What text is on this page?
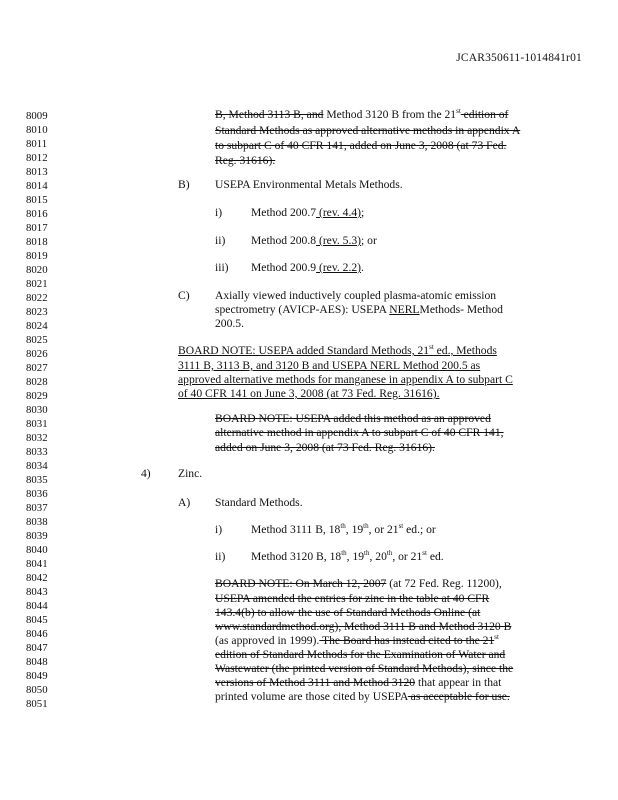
JCAR350611-1014841r01
8009
8010
8011
8012
8013
8014
8015
8016
8017
8018
8019
8020
8021
8022
8023
8024
8025
8026
8027
8028
8029
8030
8031
8032
8033
8034
8035
8036
8037
8038
8039
8040
8041
8042
8043
8044
8045
8046
8047
8048
8049
8050
8051
B, Method 3113 B, and Method 3120 B from the 21st edition of
Standard Methods as approved alternative methods in appendix A
to subpart C of 40 CFR 141, added on June 3, 2008 (at 73 Fed.
Reg. 31616).
B) USEPA Environmental Metals Methods.
i) Method 200.7 (rev. 4.4);
ii) Method 200.8 (rev. 5.3); or
iii) Method 200.9 (rev. 2.2).
C) Axially viewed inductively coupled plasma-atomic emission
spectrometry (AVICP-AES): USEPA NERLMethods- Method
200.5.
BOARD NOTE: USEPA added Standard Methods, 21st ed., Methods
3111 B, 3113 B, and 3120 B and USEPA NERL Method 200.5 as
approved alternative methods for manganese in appendix A to subpart C
of 40 CFR 141 on June 3, 2008 (at 73 Fed. Reg. 31616).
BOARD NOTE: USEPA added this method as an approved
alternative method in appendix A to subpart C of 40 CFR 141,
added on June 3, 2008 (at 73 Fed. Reg. 31616).
4) Zinc.
A) Standard Methods.
i) Method 3111 B, 18th, 19th, or 21st ed.; or
ii) Method 3120 B, 18th, 19th, 20th, or 21st ed.
BOARD NOTE: On March 12, 2007 (at 72 Fed. Reg. 11200),
USEPA amended the entries for zinc in the table at 40 CFR
143.4(b) to allow the use of Standard Methods Online (at
www.standardmethod.org), Method 3111 B and Method 3120 B
(as approved in 1999). The Board has instead cited to the 21st
edition of Standard Methods for the Examination of Water and
Wastewater (the printed version of Standard Methods), since the
versions of Method 3111 and Method 3120 that appear in that
printed volume are those cited by USEPA as acceptable for use.
